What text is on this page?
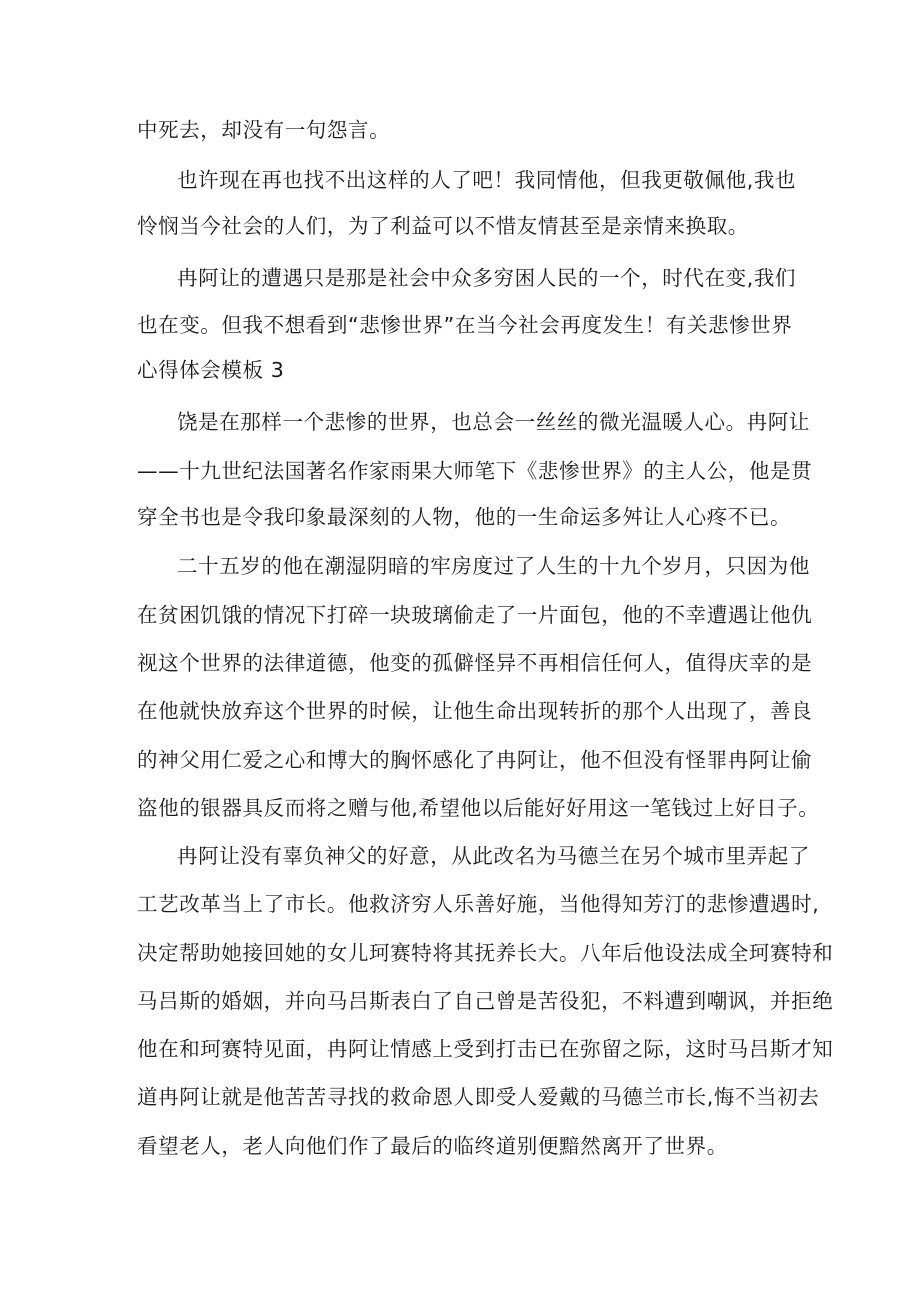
中死去，却没有一句怨言。
也许现在再也找不出这样的人了吧！我同情他，但我更敬佩他,我也
怜悯当今社会的人们，为了利益可以不惜友情甚至是亲情来换取。
冉阿让的遭遇只是那是社会中众多穷困人民的一个，时代在变,我们
也在变。但我不想看到“悲惨世界”在当今社会再度发生！有关悲惨世界
心得体会模板 3
饶是在那样一个悲惨的世界，也总会一丝丝的微光温暖人心。冉阿让
——十九世纪法国著名作家雨果大师笔下《悲惨世界》的主人公，他是贯
穿全书也是令我印象最深刻的人物，他的一生命运多舛让人心疼不已。
二十五岁的他在潮湿阴暗的牢房度过了人生的十九个岁月，只因为他
在贫困饥饿的情况下打碎一块玻璃偷走了一片面包，他的不幸遭遇让他仇
视这个世界的法律道德，他变的孤僻怪异不再相信任何人，值得庆幸的是
在他就快放弃这个世界的时候，让他生命出现转折的那个人出现了，善良
的神父用仁爱之心和博大的胸怀感化了冉阿让，他不但没有怪罪冉阿让偷
盗他的银器具反而将之赠与他,希望他以后能好好用这一笔钱过上好日子。
冉阿让没有辜负神父的好意，从此改名为马德兰在另个城市里弄起了
工艺改革当上了市长。他救济穷人乐善好施，当他得知芳汀的悲惨遭遇时,
决定帮助她接回她的女儿珂赛特将其抚养长大。八年后他设法成全珂赛特和
马吕斯的婚姻，并向马吕斯表白了自己曾是苦役犯，不料遭到嘲讽，并拒绝
他在和珂赛特见面，冉阿让情感上受到打击已在弥留之际，这时马吕斯才知
道冉阿让就是他苦苦寻找的救命恩人即受人爱戴的马德兰市长,悔不当初去
看望老人，老人向他们作了最后的临终道别便黯然离开了世界。
